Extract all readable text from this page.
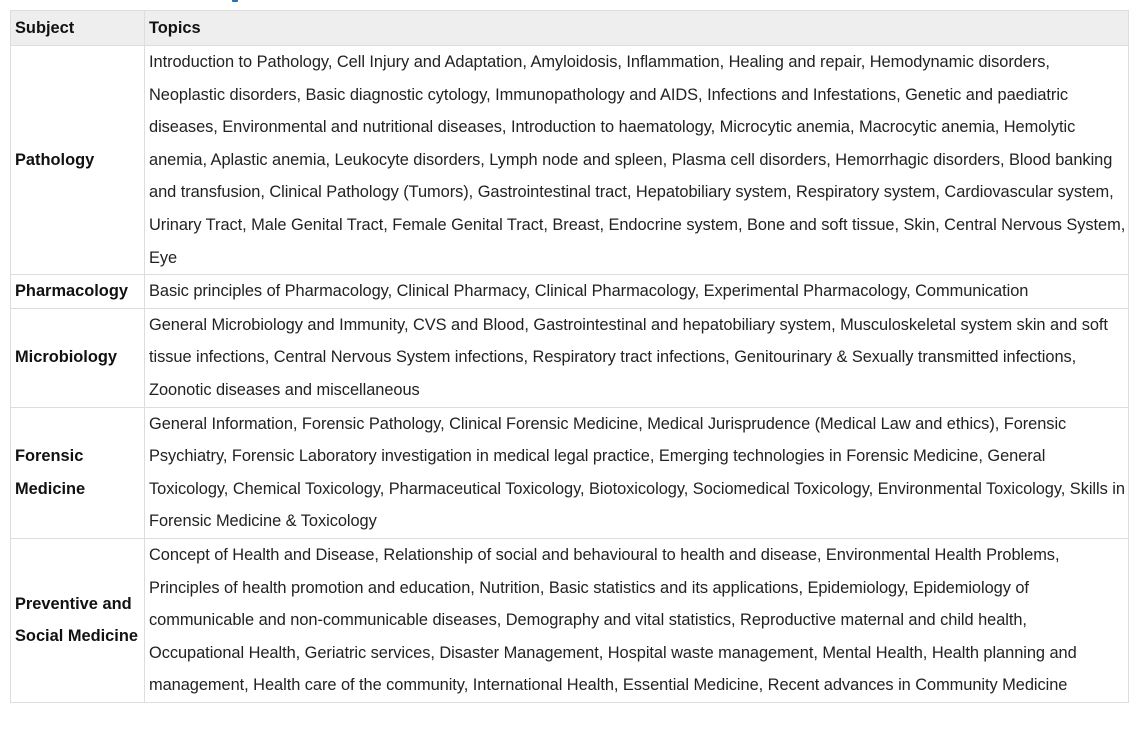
Subject	Topics

Pathology	Introduction to Pathology, Cell Injury and Adaptation, Amyloidosis, Inflammation, Healing and repair, Hemodynamic disorders, Neoplastic disorders, Basic diagnostic cytology, Immunopathology and AIDS, Infections and Infestations, Genetic and paediatric diseases, Environmental and nutritional diseases, Introduction to haematology, Microcytic anemia, Macrocytic anemia, Hemolytic anemia, Aplastic anemia, Leukocyte disorders, Lymph node and spleen, Plasma cell disorders, Hemorrhagic disorders, Blood banking and transfusion, Clinical Pathology (Tumors), Gastrointestinal tract, Hepatobiliary system, Respiratory system, Cardiovascular system, Urinary Tract, Male Genital Tract, Female Genital Tract, Breast, Endocrine system, Bone and soft tissue, Skin, Central Nervous System, Eye

Pharmacology	Basic principles of Pharmacology, Clinical Pharmacy, Clinical Pharmacology, Experimental Pharmacology, Communication

Microbiology	General Microbiology and Immunity, CVS and Blood, Gastrointestinal and hepatobiliary system, Musculoskeletal system skin and soft tissue infections, Central Nervous System infections, Respiratory tract infections, Genitourinary & Sexually transmitted infections, Zoonotic diseases and miscellaneous

Forensic
Medicine	General Information, Forensic Pathology, Clinical Forensic Medicine, Medical Jurisprudence (Medical Law and ethics), Forensic Psychiatry, Forensic Laboratory investigation in medical legal practice, Emerging technologies in Forensic Medicine, General Toxicology, Chemical Toxicology, Pharmaceutical Toxicology, Biotoxicology, Sociomedical Toxicology, Environmental Toxicology, Skills in Forensic Medicine & Toxicology

Preventive and
Social Medicine	Concept of Health and Disease, Relationship of social and behavioural to health and disease, Environmental Health Problems, Principles of health promotion and education, Nutrition, Basic statistics and its applications, Epidemiology, Epidemiology of communicable and non-communicable diseases, Demography and vital statistics, Reproductive maternal and child health, Occupational Health, Geriatric services, Disaster Management, Hospital waste management, Mental Health, Health planning and management, Health care of the community, International Health, Essential Medicine, Recent advances in Community Medicine
